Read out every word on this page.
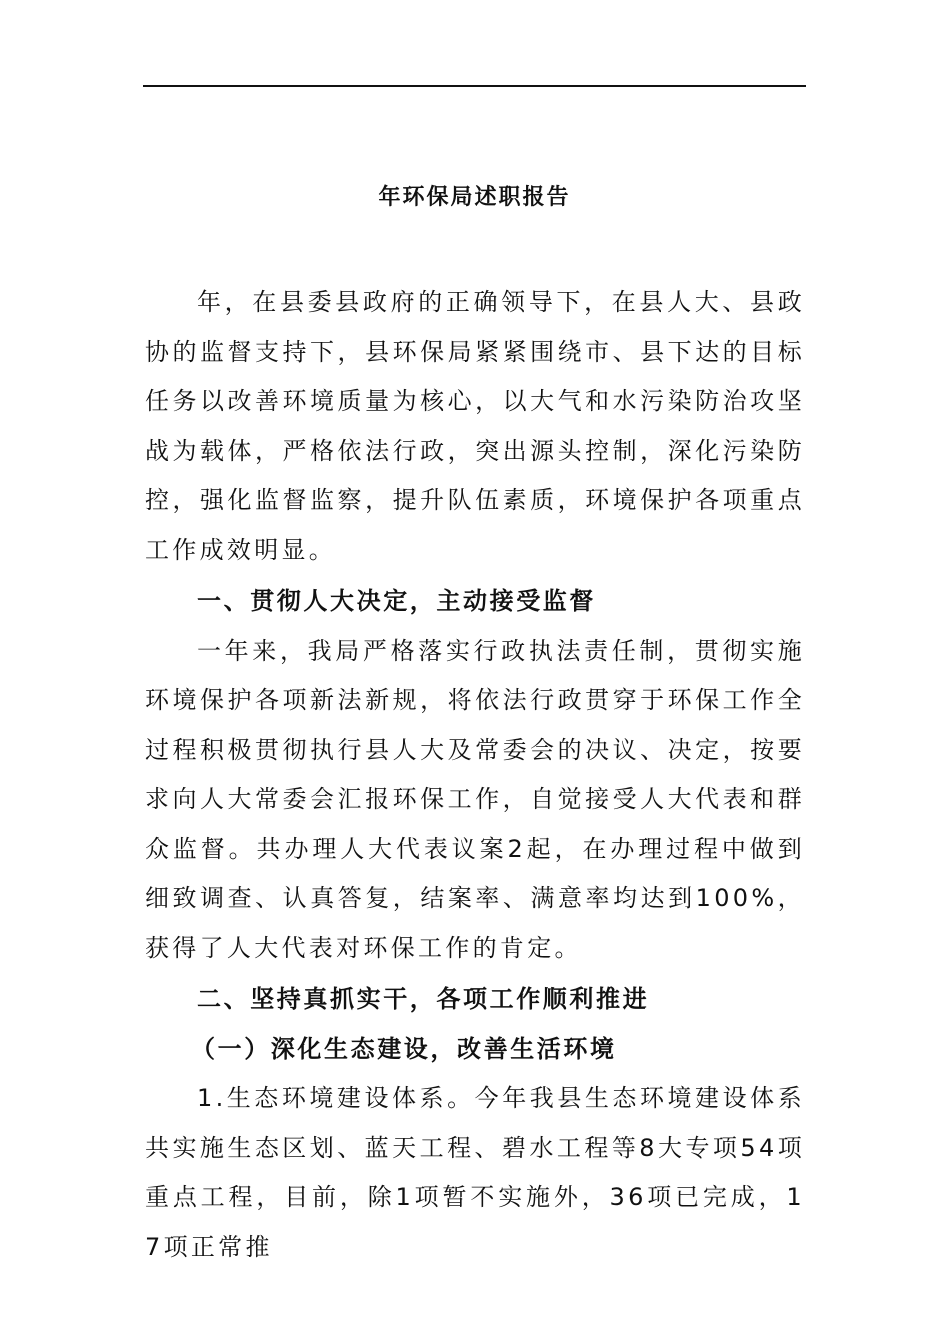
年环保局述职报告

年，在县委县政府的正确领导下，在县人大、县政协的监督支持下，县环保局紧紧围绕市、县下达的目标任务以改善环境质量为核心，以大气和水污染防治攻坚战为载体，严格依法行政，突出源头控制，深化污染防控，强化监督监察，提升队伍素质，环境保护各项重点工作成效明显。

一、贯彻人大决定，主动接受监督

一年来，我局严格落实行政执法责任制，贯彻实施环境保护各项新法新规，将依法行政贯穿于环保工作全过程积极贯彻执行县人大及常委会的决议、决定，按要求向人大常委会汇报环保工作，自觉接受人大代表和群众监督。共办理人大代表议案2起，在办理过程中做到细致调查、认真答复，结案率、满意率均达到100%，获得了人大代表对环保工作的肯定。

二、坚持真抓实干，各项工作顺利推进

（一）深化生态建设，改善生活环境

1.生态环境建设体系。今年我县生态环境建设体系共实施生态区划、蓝天工程、碧水工程等8大专项54项重点工程，目前，除1项暂不实施外，36项已完成，17项正常推
